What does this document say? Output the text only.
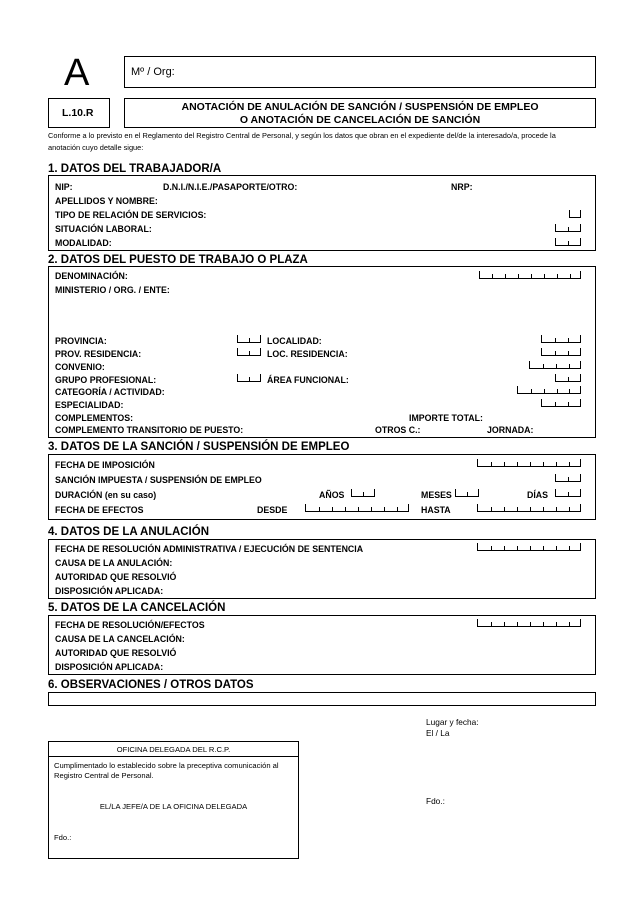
A	Mº / Org:
L.10.R	ANOTACIÓN DE ANULACIÓN DE SANCIÓN / SUSPENSIÓN DE EMPLEO
O ANOTACIÓN DE CANCELACIÓN DE SANCIÓN
Conforme a lo previsto en el Reglamento del Registro Central de Personal, y según los datos que obran en el expediente del/de la interesado/a, procede la
anotación cuyo detalle sigue:
1. DATOS DEL TRABAJADOR/A
NIP:	D.N.I./N.I.E./PASAPORTE/OTRO:	NRP:
APELLIDOS Y NOMBRE:
TIPO DE RELACIÓN DE SERVICIOS:
SITUACIÓN LABORAL:
MODALIDAD:
2. DATOS DEL PUESTO DE TRABAJO O PLAZA
DENOMINACIÓN:
MINISTERIO / ORG. / ENTE:
PROVINCIA:	LOCALIDAD:
PROV. RESIDENCIA:	LOC. RESIDENCIA:
CONVENIO:
GRUPO PROFESIONAL:	ÁREA FUNCIONAL:
CATEGORÍA / ACTIVIDAD:
ESPECIALIDAD:
COMPLEMENTOS:	IMPORTE TOTAL:
COMPLEMENTO TRANSITORIO DE PUESTO:	OTROS C.:	JORNADA:
3. DATOS DE LA SANCIÓN / SUSPENSIÓN DE EMPLEO
FECHA DE IMPOSICIÓN
SANCIÓN IMPUESTA / SUSPENSIÓN DE EMPLEO
DURACIÓN (en su caso)	AÑOS	MESES	DÍAS
FECHA DE EFECTOS	DESDE	HASTA
4. DATOS DE LA ANULACIÓN
FECHA DE RESOLUCIÓN ADMINISTRATIVA / EJECUCIÓN DE SENTENCIA
CAUSA DE LA ANULACIÓN:
AUTORIDAD QUE RESOLVIÓ
DISPOSICIÓN APLICADA:
5. DATOS DE LA CANCELACIÓN
FECHA DE RESOLUCIÓN/EFECTOS
CAUSA DE LA CANCELACIÓN:
AUTORIDAD QUE RESOLVIÓ
DISPOSICIÓN APLICADA:
6. OBSERVACIONES / OTROS DATOS
Lugar y fecha:
El / La
Fdo.:
OFICINA DELEGADA DEL R.C.P.
Cumplimentado lo establecido sobre la preceptiva comunicación al
Registro Central de Personal.
EL/LA JEFE/A DE LA OFICINA DELEGADA
Fdo.:
